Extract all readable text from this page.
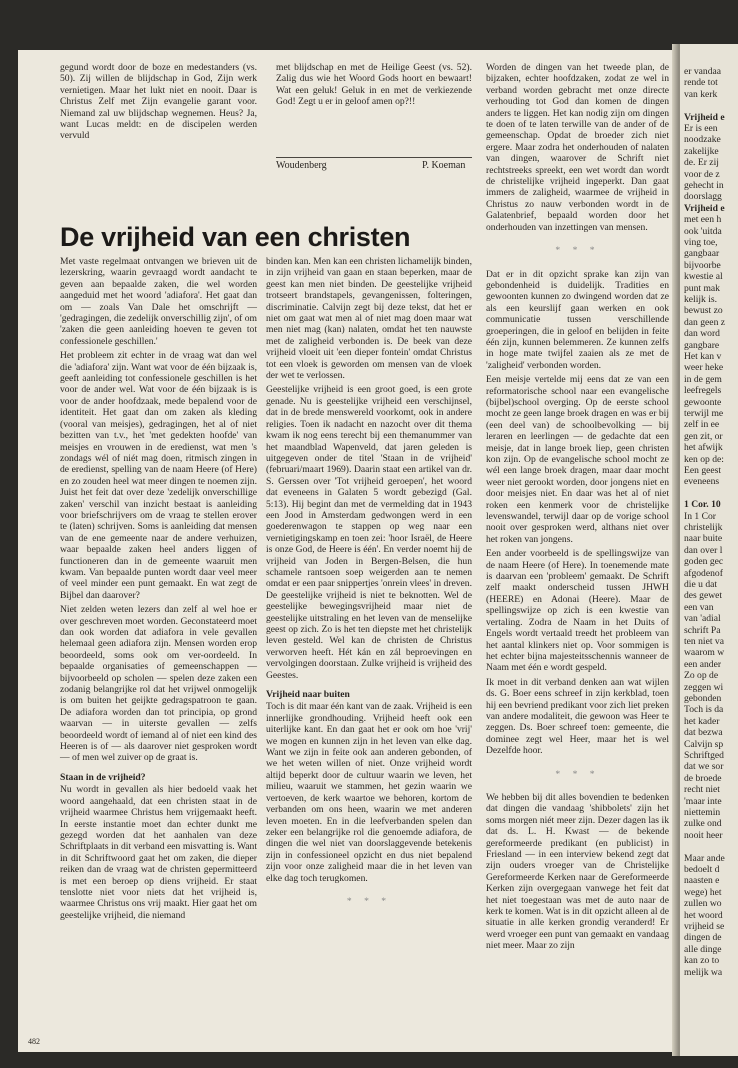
er vandaa
rende tot
van kerk
Vrijheid e
Er is een
noodzake
zakelijke
de. Er zij
voor de z
gehecht in
doorslagg
Vrijheid e
met een h
ook 'uitda
ving toe,
gangbaar
bijvoorbe
kwestie al
punt mak
kelijk is.
bewust zo
dan geen z
dan word
gangbare
Het kan v
weer heke
in de gem
leefregels
gewoonte
terwijl me
zelf in ee
gen zit, or
het afwijk
ken op de:
Een geest
eveneens
1 Cor. 10
In 1 Cor
christelijk
naar buite
dan over l
goden gec
afgodenof
die u dat
des gewet
een van
van 'adial
schrift Pa
ten niet va
waarom w
een ander
Zo op de
zeggen wi
gebonden
Toch is da
het kader
dat bezwa
Calvijn sp
Schriftged
dat we sor
de broede
recht niet
'maar inte
niettemin
zulke ond
nooit heer
Maar ande
bedoelt d
naasten e
wege) het
zullen wo
het woord
vrijheid se
dingen de
alle dinge
kan zo to
melijk wa

gegund wordt door de boze en medestanders (vs. 50). Zij willen de blijdschap in God, Zijn werk vernietigen. Maar het lukt niet en nooit. Daar is Christus Zelf met Zijn evangelie garant voor. Niemand zal uw blijdschap wegnemen. Heus? Ja, want Lucas meldt: en de discipelen werden vervuld

met blijdschap en met de Heilige Geest (vs. 52). Zalig dus wie het Woord Gods hoort en bewaart! Wat een geluk! Geluk in en met de verkiezende God! Zegt u er in geloof amen op?!!

Woudenberg	P. Koeman
De vrijheid van een christen

Met vaste regelmaat ontvangen we brieven uit de lezerskring, waarin gevraagd wordt aandacht te geven aan bepaalde zaken, die wel worden aangeduid met het woord 'adiafora'. Het gaat dan om — zoals Van Dale het omschrijft — 'gedragingen, die zedelijk onverschillig zijn', of om 'zaken die geen aanleiding hoeven te geven tot confessionele geschillen.'

Het probleem zit echter in de vraag wat dan wel die 'adiafora' zijn. Want wat voor de één bijzaak is, geeft aanleiding tot confessionele geschillen is het voor de ander wel. Wat voor de één bijzaak is is voor de ander hoofdzaak, mede bepalend voor de identiteit. Het gaat dan om zaken als kleding (vooral van meisjes), gedragingen, het al of niet bezitten van t.v., het 'met gedekten hoofde' van meisjes en vrouwen in de eredienst, wat men 's zondags wél of niét mag doen, ritmisch zingen in de eredienst, spelling van de naam Heere (of Here) en zo zouden heel wat meer dingen te noemen zijn. Juist het feit dat over deze 'zedelijk onverschillige zaken' verschil van inzicht bestaat is aanleiding voor briefschrijvers om de vraag te stellen erover te (laten) schrijven. Soms is aanleiding dat mensen van de ene gemeente naar de andere verhuizen, waar bepaalde zaken heel anders liggen of functioneren dan in de gemeente waaruit men kwam. Van bepaalde punten wordt daar veel meer of veel minder een punt gemaakt. En wat zegt de Bijbel dan daarover?

Niet zelden weten lezers dan zelf al wel hoe er over geschreven moet worden. Geconstateerd moet dan ook worden dat adiafora in vele gevallen helemaal geen adiafora zijn. Mensen worden erop beoordeeld, soms ook om ver-oordeeld. In bepaalde organisaties of gemeenschappen — bijvoorbeeld op scholen — spelen deze zaken een zodanig belangrijke rol dat het vrijwel onmogelijk is om buiten het geijkte gedragspatroon te gaan. De adiafora worden dan tot principia, op grond waarvan — in uiterste gevallen — zelfs beoordeeld wordt of iemand al of niet een kind des Heeren is of — als daarover niet gesproken wordt — of men wel zuiver op de graat is.

Staan in de vrijheid?

Nu wordt in gevallen als hier bedoeld vaak het woord aangehaald, dat een christen staat in de vrijheid waarmee Christus hem vrijgemaakt heeft. In eerste instantie moet dan echter dunkt me gezegd worden dat het aanhalen van deze Schriftplaats in dit verband een misvatting is. Want in dit Schriftwoord gaat het om zaken, die dieper reiken dan de vraag wat de christen gepermitteerd is met een beroep op diens vrijheid. Er staat tenslotte niet voor niets dat het vrijheid is, waarmee Christus ons vrij maakt. Hier gaat het om geestelijke vrijheid, die niemand

binden kan. Men kan een christen lichamelijk binden, in zijn vrijheid van gaan en staan beperken, maar de geest kan men niet binden. De geestelijke vrijheid trotseert brandstapels, gevangenissen, folteringen, discriminatie. Calvijn zegt bij deze tekst, dat het er niet om gaat wat men al of niet mag doen maar wat men niet mag (kan) nalaten, omdat het ten nauwste met de zaligheid verbonden is. De beek van deze vrijheid vloeit uit 'een dieper fontein' omdat Christus tot een vloek is geworden om mensen van de vloek der wet te verlossen.

Geestelijke vrijheid is een groot goed, is een grote genade. Nu is geestelijke vrijheid een verschijnsel, dat in de brede menswereld voorkomt, ook in andere religies. Toen ik nadacht en nazocht over dit thema kwam ik nog eens terecht bij een themanummer van het maandblad Wapenveld, dat jaren geleden is uitgegeven onder de titel 'Staan in de vrijheid' (februari/maart 1969). Daarin staat een artikel van dr. S. Gerssen over 'Tot vrijheid geroepen', het woord dat eveneens in Galaten 5 wordt gebezigd (Gal. 5:13). Hij begint dan met de vermelding dat in 1943 een Jood in Amsterdam gedwongen werd in een goederenwagon te stappen op weg naar een vernietigingskamp en toen zei: 'hoor Israël, de Heere is onze God, de Heere is één'. En verder noemt hij de vrijheid van Joden in Bergen-Belsen, die hun schamele rantsoen soep weigerden aan te nemen omdat er een paar snippertjes 'onrein vlees' in dreven. De geestelijke vrijheid is niet te beknotten. Wel de geestelijke bewegingsvrijheid maar niet de geestelijke uitstraling en het leven van de menselijke geest op zich. Zo is het ten diepste met het christelijk leven gesteld. Wel kan de christen de Christus verworven heeft. Hét kán en zál beproevingen en vervolgingen doorstaan. Zulke vrijheid is vrijheid des Geestes.

Vrijheid naar buiten

Toch is dit maar één kant van de zaak. Vrijheid is een innerlijke grondhouding. Vrijheid heeft ook een uiterlijke kant. En dan gaat het er ook om hoe 'vrij' we mogen en kunnen zijn in het leven van elke dag. Want we zijn in feite ook aan anderen gebonden, of we het weten willen of niet. Onze vrijheid wordt altijd beperkt door de cultuur waarin we leven, het milieu, waaruit we stammen, het gezin waarin we vertoeven, de kerk waartoe we behoren, kortom de verbanden om ons heen, waarin we met anderen leven moeten. En in die leefverbanden spelen dan zeker een belangrijke rol die genoemde adiafora, de dingen die wel niet van doorslaggevende betekenis zijn in confessioneel opzicht en dus niet bepalend zijn voor onze zaligheid maar die in het leven van elke dag toch terugkomen.

* * *

Worden de dingen van het tweede plan, de bijzaken, echter hoofdzaken, zodat ze wel in verband worden gebracht met onze directe verhouding tot God dan komen de dingen anders te liggen. Het kan nodig zijn om dingen te doen of te laten terwille van de ander of de gemeenschap. Opdat de broeder zich niet ergere. Maar zodra het onderhouden of nalaten van dingen, waarover de Schrift niet rechtstreeks spreekt, een wet wordt dan wordt de christelijke vrijheid ingeperkt. Dan gaat immers de zaligheid, waarmee de vrijheid in Christus zo nauw verbonden wordt in de Galatenbrief, bepaald worden door het onderhouden van inzettingen van mensen.

* * *

Dat er in dit opzicht sprake kan zijn van gebondenheid is duidelijk. Tradities en gewoonten kunnen zo dwingend worden dat ze als een keurslijf gaan werken en ook communicatie tussen verschillende groeperingen, die in geloof en belijden in feite één zijn, kunnen belemmeren. Ze kunnen zelfs in hoge mate twijfel zaaien als ze met de 'zaligheid' verbonden worden.

Een meisje vertelde mij eens dat ze van een reformatorische school naar een evangelische (bijbel)school overging. Op de eerste school mocht ze geen lange broek dragen en was er bij (een deel van) de schoolbevolking — bij leraren en leerlingen — de gedachte dat een meisje, dat in lange broek liep, geen christen kon zijn. Op de evangelische school mocht ze wél een lange broek dragen, maar daar mocht weer niet gerookt worden, door jongens niet en door meisjes niet. En daar was het al of niet roken een kenmerk voor de christelijke levenswandel, terwijl daar op de vorige school nooit over gesproken werd, althans niet over het roken van jongens.

Een ander voorbeeld is de spellingswijze van de naam Heere (of Here). In toenemende mate is daarvan een 'probleem' gemaakt. De Schrift zelf maakt onderscheid tussen JHWH (HEERE) en Adonai (Heere). Maar de spellingswijze op zich is een kwestie van vertaling. Zodra de Naam in het Duits of Engels wordt vertaald treedt het probleem van het aantal klinkers niet op. Voor sommigen is het echter bijna majesteitsschennis wanneer de Naam met één e wordt gespeld.

Ik moet in dit verband denken aan wat wijlen ds. G. Boer eens schreef in zijn kerkblad, toen hij een bevriend predikant voor zich liet preken van andere modaliteit, die gewoon was Heer te zeggen. Ds. Boer schreef toen: gemeente, die dominee zegt wel Heer, maar het is wel Dezelfde hoor.

* * *

We hebben bij dit alles bovendien te bedenken dat dingen die vandaag 'shibbolets' zijn het soms morgen niét meer zijn. Dezer dagen las ik dat ds. L. H. Kwast — de bekende gereformeerde predikant (en publicist) in Friesland — in een interview bekend zegt dat zijn ouders vroeger van de Christelijke Gereformeerde Kerken naar de Gereformeerde Kerken zijn overgegaan vanwege het feit dat het niet toegestaan was met de auto naar de kerk te komen. Wat is in dit opzicht alleen al de situatie in alle kerken grondig veranderd! Er werd vroeger een punt van gemaakt en vandaag niet meer. Maar zo zijn

482
